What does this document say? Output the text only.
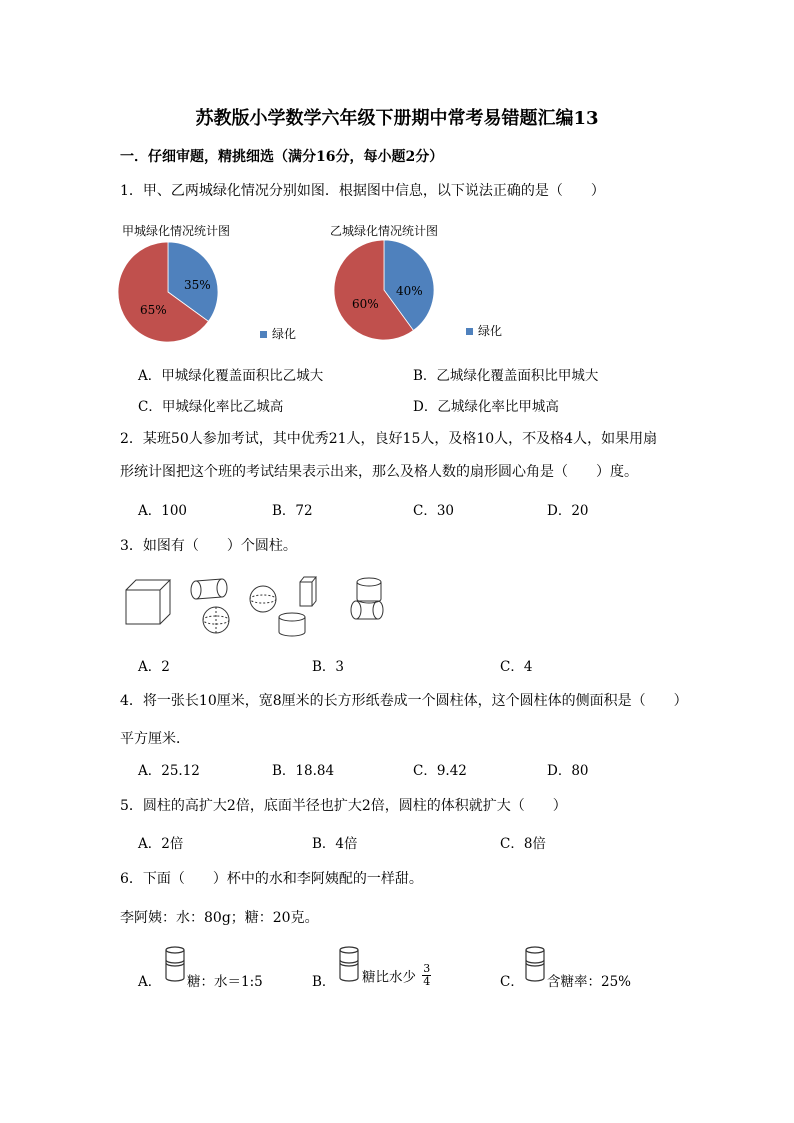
苏教版小学数学六年级下册期中常考易错题汇编13
一．仔细审题，精挑细选（满分16分，每小题2分）
1．甲、乙两城绿化情况分别如图．根据图中信息，以下说法正确的是（　　）
甲城绿化情况统计图	乙城绿化情况统计图
35%
65%
绿化
40%
60%
绿化
A．甲城绿化覆盖面积比乙城大	B．乙城绿化覆盖面积比甲城大
C．甲城绿化率比乙城高	D．乙城绿化率比甲城高
2．某班50人参加考试，其中优秀21人，良好15人，及格10人，不及格4人，如果用扇
形统计图把这个班的考试结果表示出来，那么及格人数的扇形圆心角是（　　）度。
A．100	B．72	C．30	D．20
3．如图有（　　）个圆柱。
A．2	B．3	C．4
4．将一张长10厘米，宽8厘米的长方形纸卷成一个圆柱体，这个圆柱体的侧面积是（　　）
平方厘米．
A．25.12	B．18.84	C．9.42	D．80
5．圆柱的高扩大2倍，底面半径也扩大2倍，圆柱的体积就扩大（　　）
A．2倍	B．4倍	C．8倍
6．下面（　　）杯中的水和李阿姨配的一样甜。
李阿姨：水：80g；糖：20克。
A． 糖：水＝1:5	B． 糖比水少 $\frac{3}{4}$	C． 含糖率：25%
